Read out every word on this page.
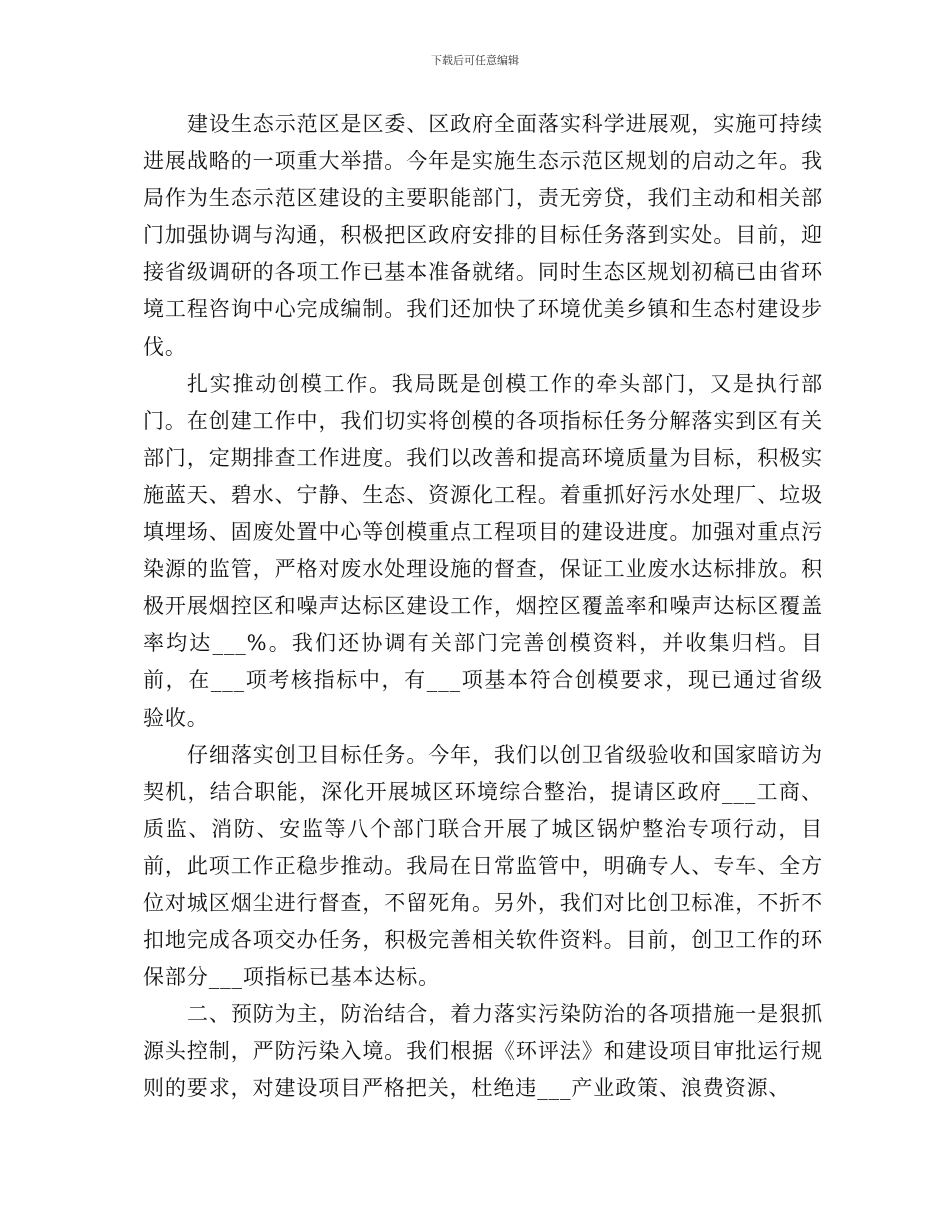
下载后可任意编辑

建设生态示范区是区委、区政府全面落实科学进展观，实施可持续进展战略的一项重大举措。今年是实施生态示范区规划的启动之年。我局作为生态示范区建设的主要职能部门，责无旁贷，我们主动和相关部门加强协调与沟通，积极把区政府安排的目标任务落到实处。目前，迎接省级调研的各项工作已基本准备就绪。同时生态区规划初稿已由省环境工程咨询中心完成编制。我们还加快了环境优美乡镇和生态村建设步伐。

扎实推动创模工作。我局既是创模工作的牵头部门，又是执行部门。在创建工作中，我们切实将创模的各项指标任务分解落实到区有关部门，定期排查工作进度。我们以改善和提高环境质量为目标，积极实施蓝天、碧水、宁静、生态、资源化工程。着重抓好污水处理厂、垃圾填埋场、固废处置中心等创模重点工程项目的建设进度。加强对重点污染源的监管，严格对废水处理设施的督查，保证工业废水达标排放。积极开展烟控区和噪声达标区建设工作，烟控区覆盖率和噪声达标区覆盖率均达___%。我们还协调有关部门完善创模资料，并收集归档。目前，在___项考核指标中，有___项基本符合创模要求，现已通过省级验收。

仔细落实创卫目标任务。今年，我们以创卫省级验收和国家暗访为契机，结合职能，深化开展城区环境综合整治，提请区政府___工商、质监、消防、安监等八个部门联合开展了城区锅炉整治专项行动，目前，此项工作正稳步推动。我局在日常监管中，明确专人、专车、全方位对城区烟尘进行督查，不留死角。另外，我们对比创卫标准，不折不扣地完成各项交办任务，积极完善相关软件资料。目前，创卫工作的环保部分___项指标已基本达标。

二、预防为主，防治结合，着力落实污染防治的各项措施一是狠抓源头控制，严防污染入境。我们根据《环评法》和建设项目审批运行规则的要求，对建设项目严格把关，杜绝违___产业政策、浪费资源、
